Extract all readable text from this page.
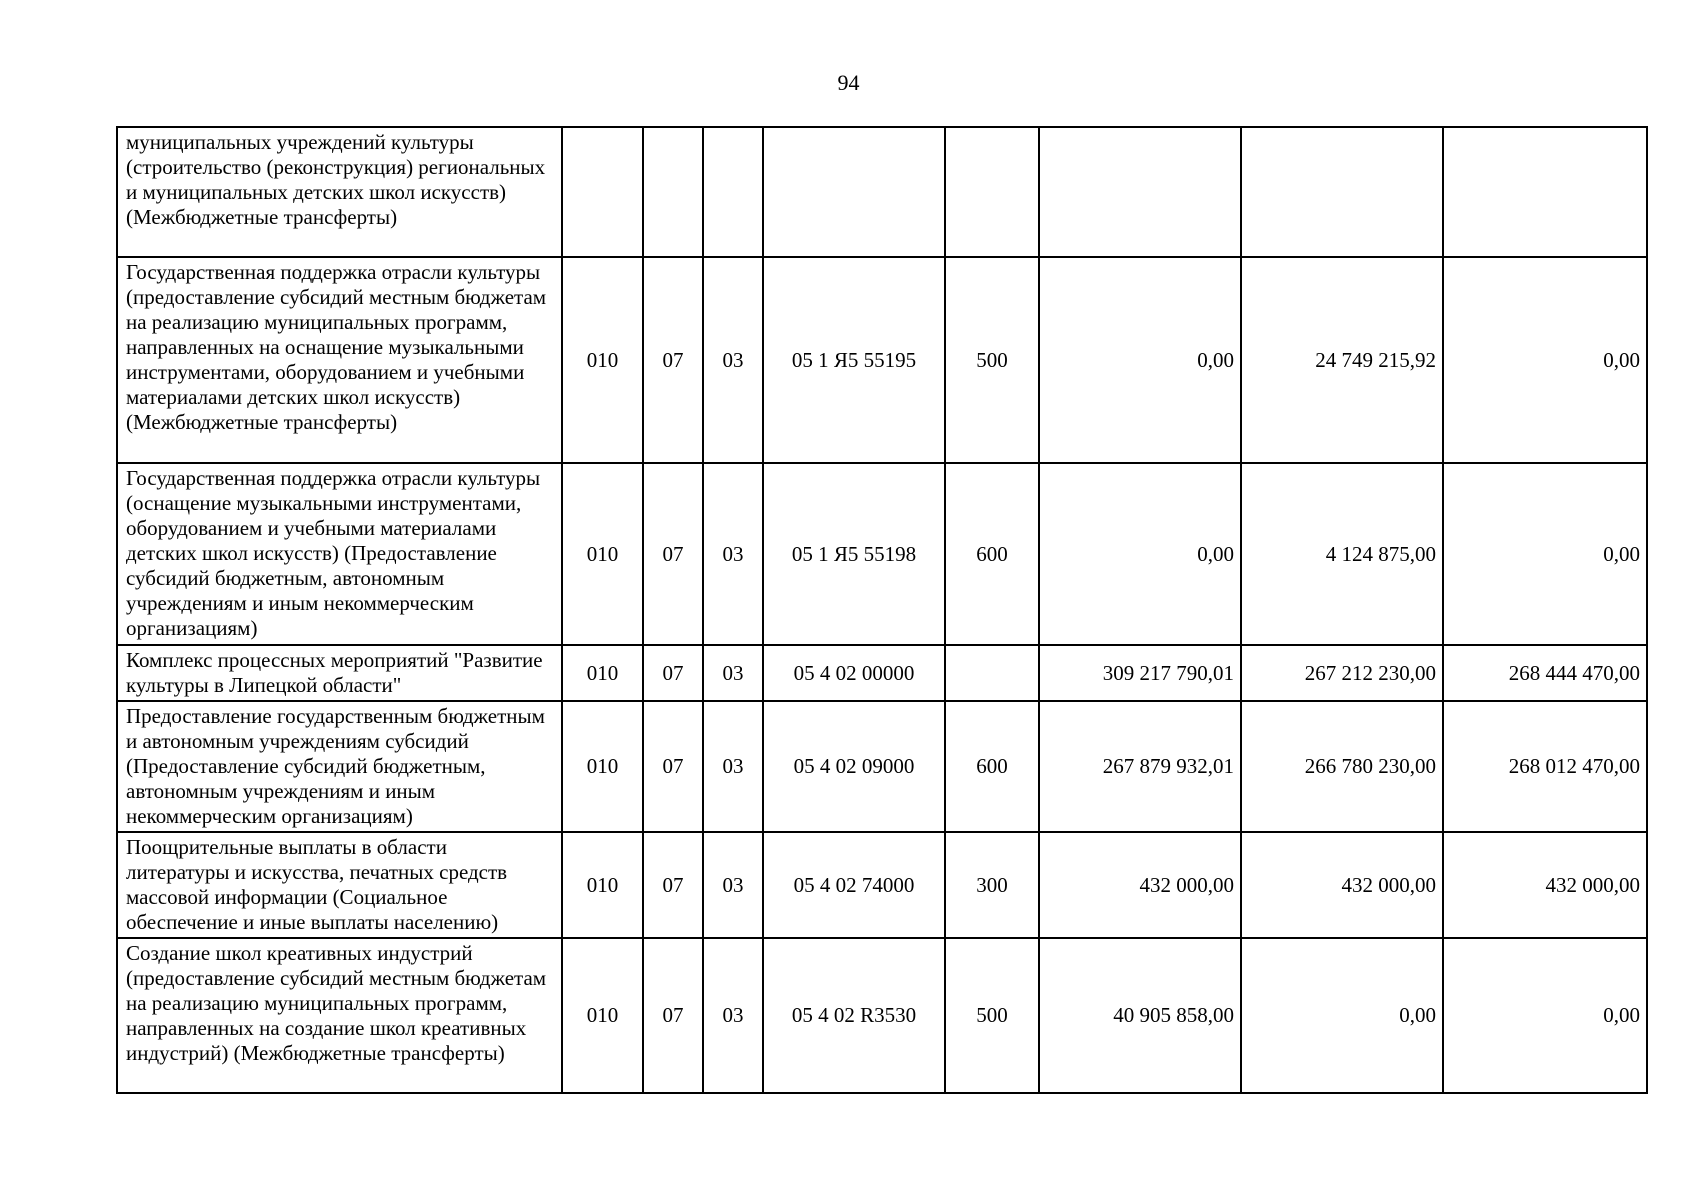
94
муниципальных учреждений культуры (строительство (реконструкция) региональных и муниципальных детских школ искусств) (Межбюджетные трансферты)								
Государственная поддержка отрасли культуры (предоставление субсидий местным бюджетам на реализацию муниципальных программ, направленных на оснащение музыкальными инструментами, оборудованием и учебными материалами детских школ искусств) (Межбюджетные трансферты)	010	07	03	05 1 Я5 55195	500	0,00	24 749 215,92	0,00
Государственная поддержка отрасли культуры (оснащение музыкальными инструментами, оборудованием и учебными материалами детских школ искусств) (Предоставление субсидий бюджетным, автономным учреждениям и иным некоммерческим организациям)	010	07	03	05 1 Я5 55198	600	0,00	4 124 875,00	0,00
Комплекс процессных мероприятий "Развитие культуры в Липецкой области"	010	07	03	05 4 02 00000		309 217 790,01	267 212 230,00	268 444 470,00
Предоставление государственным бюджетным и автономным учреждениям субсидий (Предоставление субсидий бюджетным, автономным учреждениям и иным некоммерческим организациям)	010	07	03	05 4 02 09000	600	267 879 932,01	266 780 230,00	268 012 470,00
Поощрительные выплаты в области литературы и искусства, печатных средств массовой информации (Социальное обеспечение и иные выплаты населению)	010	07	03	05 4 02 74000	300	432 000,00	432 000,00	432 000,00
Создание школ креативных индустрий (предоставление субсидий местным бюджетам на реализацию муниципальных программ, направленных на создание школ креативных индустрий) (Межбюджетные трансферты)	010	07	03	05 4 02 R3530	500	40 905 858,00	0,00	0,00
